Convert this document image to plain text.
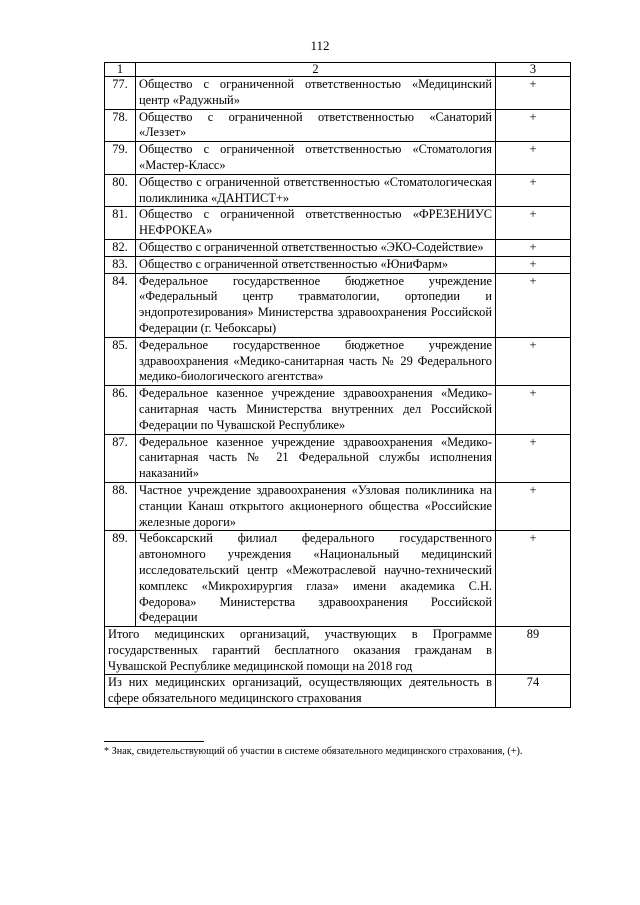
112
1	2	3
77.	Общество с ограниченной ответственностью «Медицинский центр «Радужный»	+
78.	Общество с ограниченной ответственностью «Санаторий «Леззет»	+
79.	Общество с ограниченной ответственностью «Стоматология «Мастер-Класс»	+
80.	Общество с ограниченной ответственностью «Стоматологическая поликлиника «ДАНТИСТ+»	+
81.	Общество с ограниченной ответственностью «ФРЕЗЕНИУС НЕФРОКЕА»	+
82.	Общество с ограниченной ответственностью «ЭКО-Содействие»	+
83.	Общество с ограниченной ответственностью «ЮниФарм»	+
84.	Федеральное государственное бюджетное учреждение «Федеральный центр травматологии, ортопедии и эндопротезирования» Министерства здравоохранения Российской Федерации (г. Чебоксары)	+
85.	Федеральное государственное бюджетное учреждение здравоохранения «Медико-санитарная часть № 29 Федерального медико-биологического агентства»	+
86.	Федеральное казенное учреждение здравоохранения «Медико-санитарная часть Министерства внутренних дел Российской Федерации по Чувашской Республике»	+
87.	Федеральное казенное учреждение здравоохранения «Медико-санитарная часть № 21 Федеральной службы исполнения наказаний»	+
88.	Частное учреждение здравоохранения «Узловая поликлиника на станции Канаш открытого акционерного общества «Российские железные дороги»	+
89.	Чебоксарский филиал федерального государственного автономного учреждения «Национальный медицинский исследовательский центр «Межотраслевой научно-технический комплекс «Микрохирургия глаза» имени академика С.Н. Федорова» Министерства здравоохранения Российской Федерации	+
Итого медицинских организаций, участвующих в Программе государственных гарантий бесплатного оказания гражданам в Чувашской Республике медицинской помощи на 2018 год		89
Из них медицинских организаций, осуществляющих деятельность в сфере обязательного медицинского страхования		74
* Знак, свидетельствующий об участии в системе обязательного медицинского страхования, (+).
